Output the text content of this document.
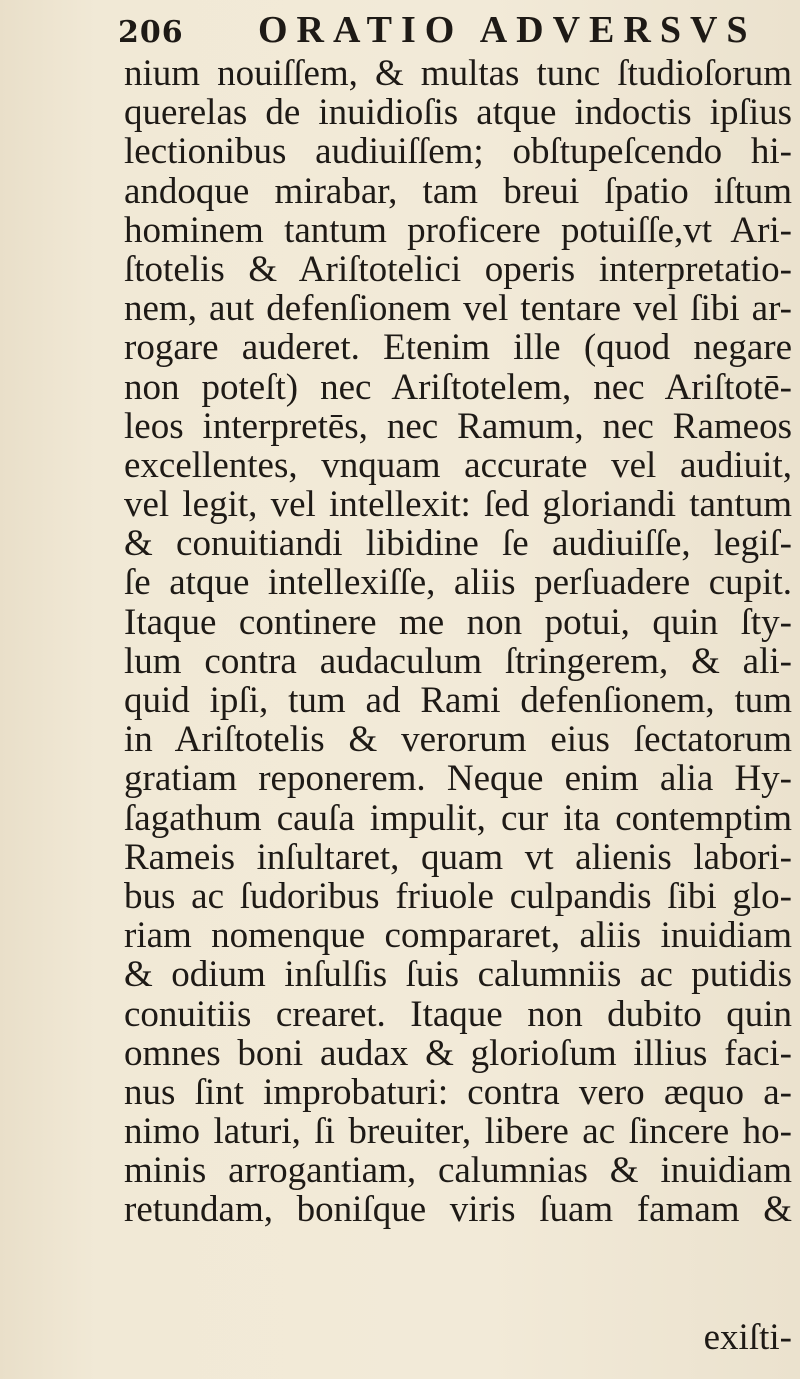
206	ORATIO ADVERSVS
nium nouiſſem, & multas tunc ſtudioſorum
querelas de inuidioſis atque indoctis ipſius
lectionibus audiuiſſem; obſtupeſcendo hi-
andoque mirabar, tam breui ſpatio iſtum
hominem tantum proficere potuiſſe,vt Ari-
ſtotelis & Ariſtotelici operis interpretatio-
nem, aut defenſionem vel tentare vel ſibi ar-
rogare auderet. Etenim ille (quod negare
non poteſt) nec Ariſtotelem, nec Ariſtotē-
leos interpretēs, nec Ramum, nec Rameos
excellentes, vnquam accurate vel audiuit,
vel legit, vel intellexit: ſed gloriandi tantum
& conuitiandi libidine ſe audiuiſſe, legiſ-
ſe atque intellexiſſe, aliis perſuadere cupit.
Itaque continere me non potui, quin ſty-
lum contra audaculum ſtringerem, & ali-
quid ipſi, tum ad Rami defenſionem, tum
in Ariſtotelis & verorum eius ſectatorum
gratiam reponerem. Neque enim alia Hy-
ſagathum cauſa impulit, cur ita contemptim
Rameis inſultaret, quam vt alienis labori-
bus ac ſudoribus friuole culpandis ſibi glo-
riam nomenque compararet, aliis inuidiam
& odium inſulſis ſuis calumniis ac putidis
conuitiis crearet. Itaque non dubito quin
omnes boni audax & glorioſum illius faci-
nus ſint improbaturi: contra vero æquo a-
nimo laturi, ſi breuiter, libere ac ſincere ho-
minis arrogantiam, calumnias & inuidiam
retundam, boniſque viris ſuam famam &
exiſti-
